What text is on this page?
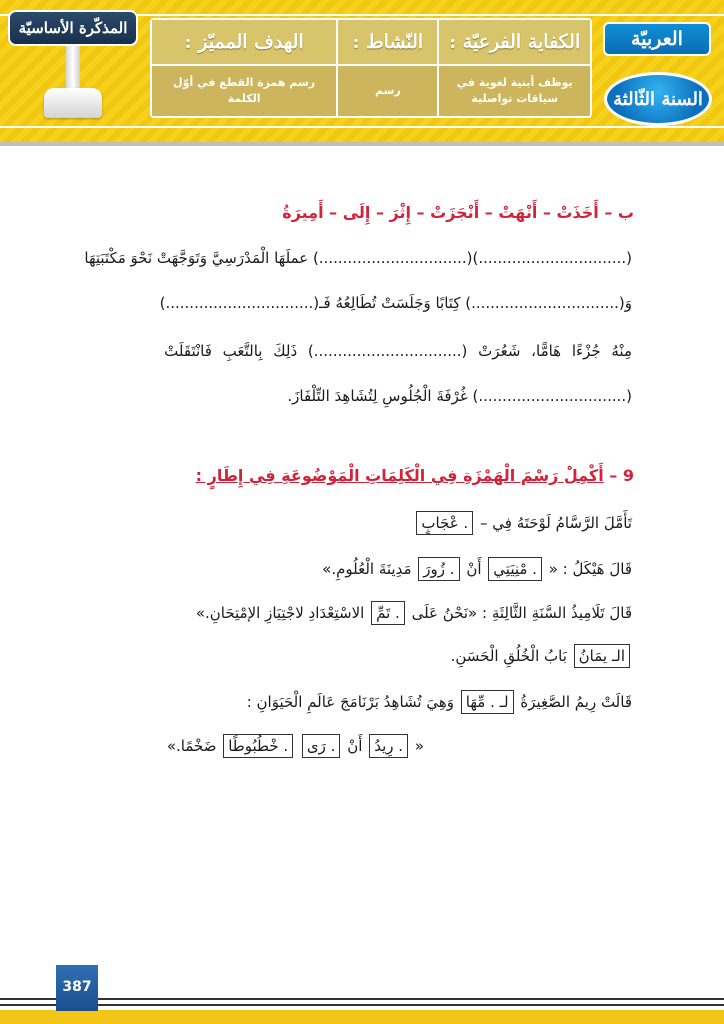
العربيّة
السنة الثّالثة
الكفاية الفرعيّة :
يوظف أبنية لغوية في سياقات تواصلية
النّشاط :
رسم
الهدف المميّز :
رسم همزة القطع في أوّل الكلمة
المذكّرة الأساسيّة
ب – أَخَذَتْ – أَنْهَتْ – أَنْجَزَتْ – إِثْرَ – إِلَى – أَمِيرَةُ
(...............................)(...............................) عملَهَا الْمَدْرَسِيَّ وَتَوَجَّهَتْ نَحْوَ مَكْتَبَتِهَا
وَ(...............................) كِتَابًا وَجَلَسَتْ تُطَالِعُهُ فَـ(...............................)
مِنْهُ جُزْءًا هَامًّا، شَعُرَتْ (...............................) ذَلِكَ بِالتَّعَبِ فَانْتَقَلَتْ
(...............................) غُرْفَةَ الْجُلُوسِ لِتُشَاهِدَ التِّلْفَازَ.
9 – أَكْمِلْ رَسْمَ الْهَمْزَةِ فِي الْكَلِمَاتِ الْمَوْضُوعَةِ فِي إِطَارٍ :
تَأَمَّلَ الرَّسَّامُ لَوْحَتَهُ فِي – . عْجَابٍ
قَالَ هَيْكَلُ : « . مْنِيَتِي أَنْ . زُورَ مَدِينَةَ الْعُلُومِ.»
قَالَ تَلَامِيذُ السَّنَةِ الثَّالِثَةِ : «نَحْنُ عَلَى . تَمِّ الاسْتِعْدَادِ لاجْتِيَازِ الإمْتِحَانِ.»
الـ يمَانُ بَابُ الْخُلُقِ الْحَسَنِ.
قَالَتْ رِيمُ الصَّغِيرَةُ لـ . مِّهَا وَهِيَ تُشَاهِدُ بَرْنَامَجَ عَالَمِ الْحَيَوَانِ :
« . رِيدُ أَنْ . رَى . خْطُبُوطًا ضَخْمًا.»
387
